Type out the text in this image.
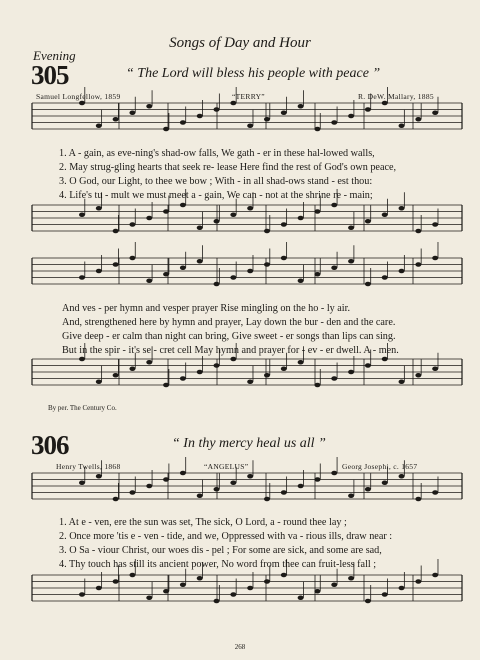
Songs of Day and Hour
Evening
305	“ The Lord will bless his people with peace ”
Samuel Longfellow, 1859	“TERRY”	R. DeW. Mallary, 1885
1. A - gain, as eve-ning's shad-ow falls, We gath - er in these hal-lowed walls,
2. May strug-gling hearts that seek re- lease Here find the rest of God's own peace,
3. O God, our Light, to thee we bow ; With - in all shad-ows stand - est thou:
4. Life's tu - mult we must meet a - gain, We can - not at the shrine re - main;
And ves - per hymn and vesper prayer Rise mingling on the ho - ly air.
And, strengthened here by hymn and prayer, Lay down the bur - den and the care.
Give deep - er calm than night can bring, Give sweet - er songs than lips can sing.
But in the spir - it's se - cret cell May hymn and prayer for - ev - er dwell. A - men.
By per. The Century Co.
306	“ In thy mercy heal us all ”
Henry Twells, 1868	“ANGELUS”	Georg Josephi, c. 1657
1. At e - ven, ere the sun was set, The sick, O Lord, a - round thee lay ;
2. Once more 'tis e - ven - tide, and we, Oppressed with va - rious ills, draw near :
3. O Sa - viour Christ, our woes dis - pel ; For some are sick, and some are sad,
4. Thy touch has still its ancient power, No word from thee can fruit-less fall ;
268
